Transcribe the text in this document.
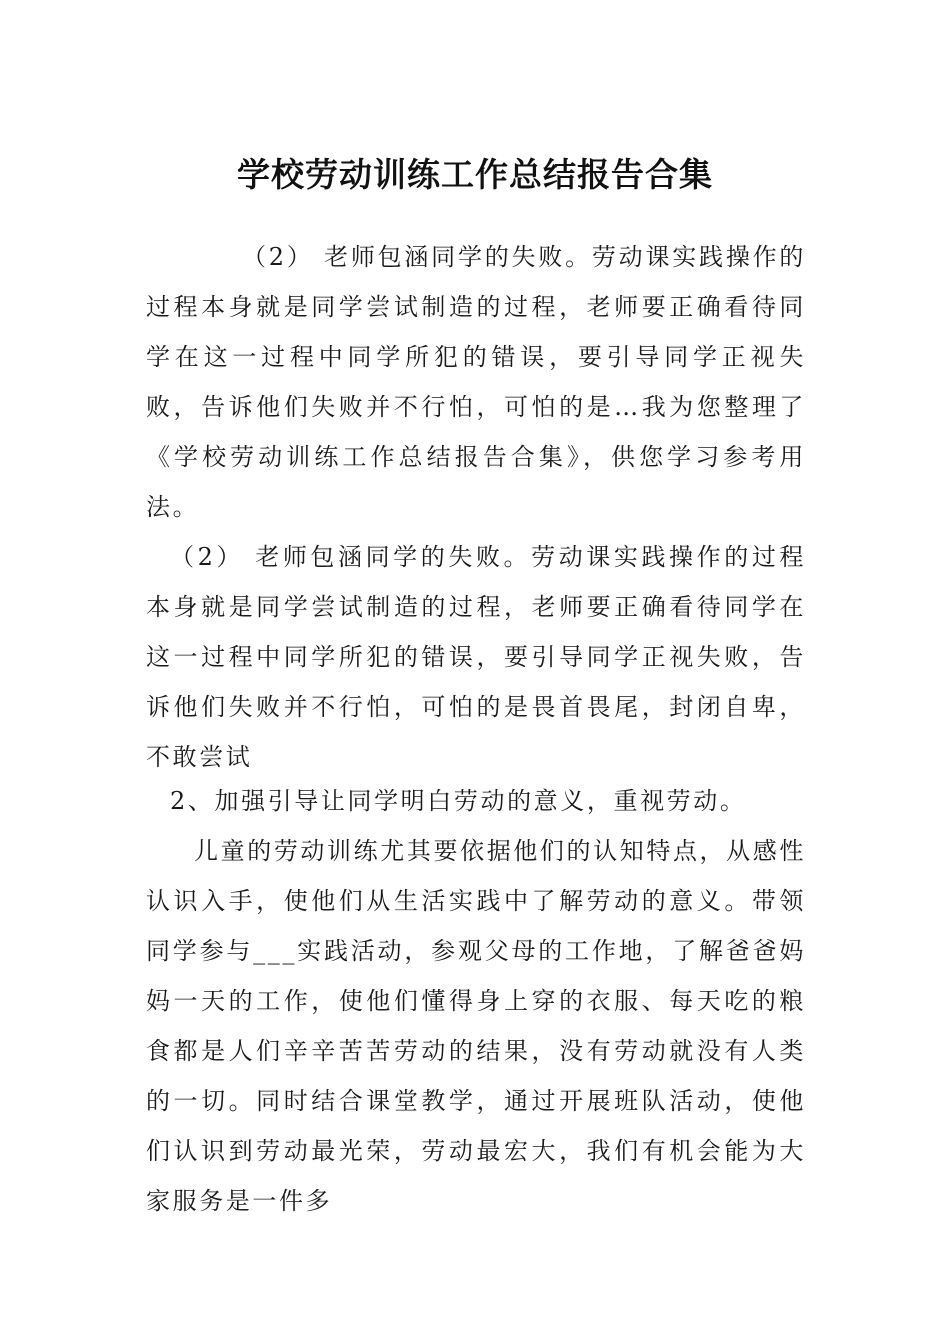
学校劳动训练工作总结报告合集

（2） 老师包涵同学的失败。劳动课实践操作的过程本身就是同学尝试制造的过程，老师要正确看待同学在这一过程中同学所犯的错误，要引导同学正视失败，告诉他们失败并不行怕，可怕的是…我为您整理了《学校劳动训练工作总结报告合集》，供您学习参考用法。

（2） 老师包涵同学的失败。劳动课实践操作的过程本身就是同学尝试制造的过程，老师要正确看待同学在这一过程中同学所犯的错误，要引导同学正视失败，告诉他们失败并不行怕，可怕的是畏首畏尾，封闭自卑，不敢尝试

2、加强引导让同学明白劳动的意义，重视劳动。

儿童的劳动训练尤其要依据他们的认知特点，从感性认识入手，使他们从生活实践中了解劳动的意义。带领同学参与___实践活动，参观父母的工作地，了解爸爸妈妈一天的工作，使他们懂得身上穿的衣服、每天吃的粮食都是人们辛辛苦苦劳动的结果，没有劳动就没有人类的一切。同时结合课堂教学，通过开展班队活动，使他们认识到劳动最光荣，劳动最宏大，我们有机会能为大家服务是一件多
